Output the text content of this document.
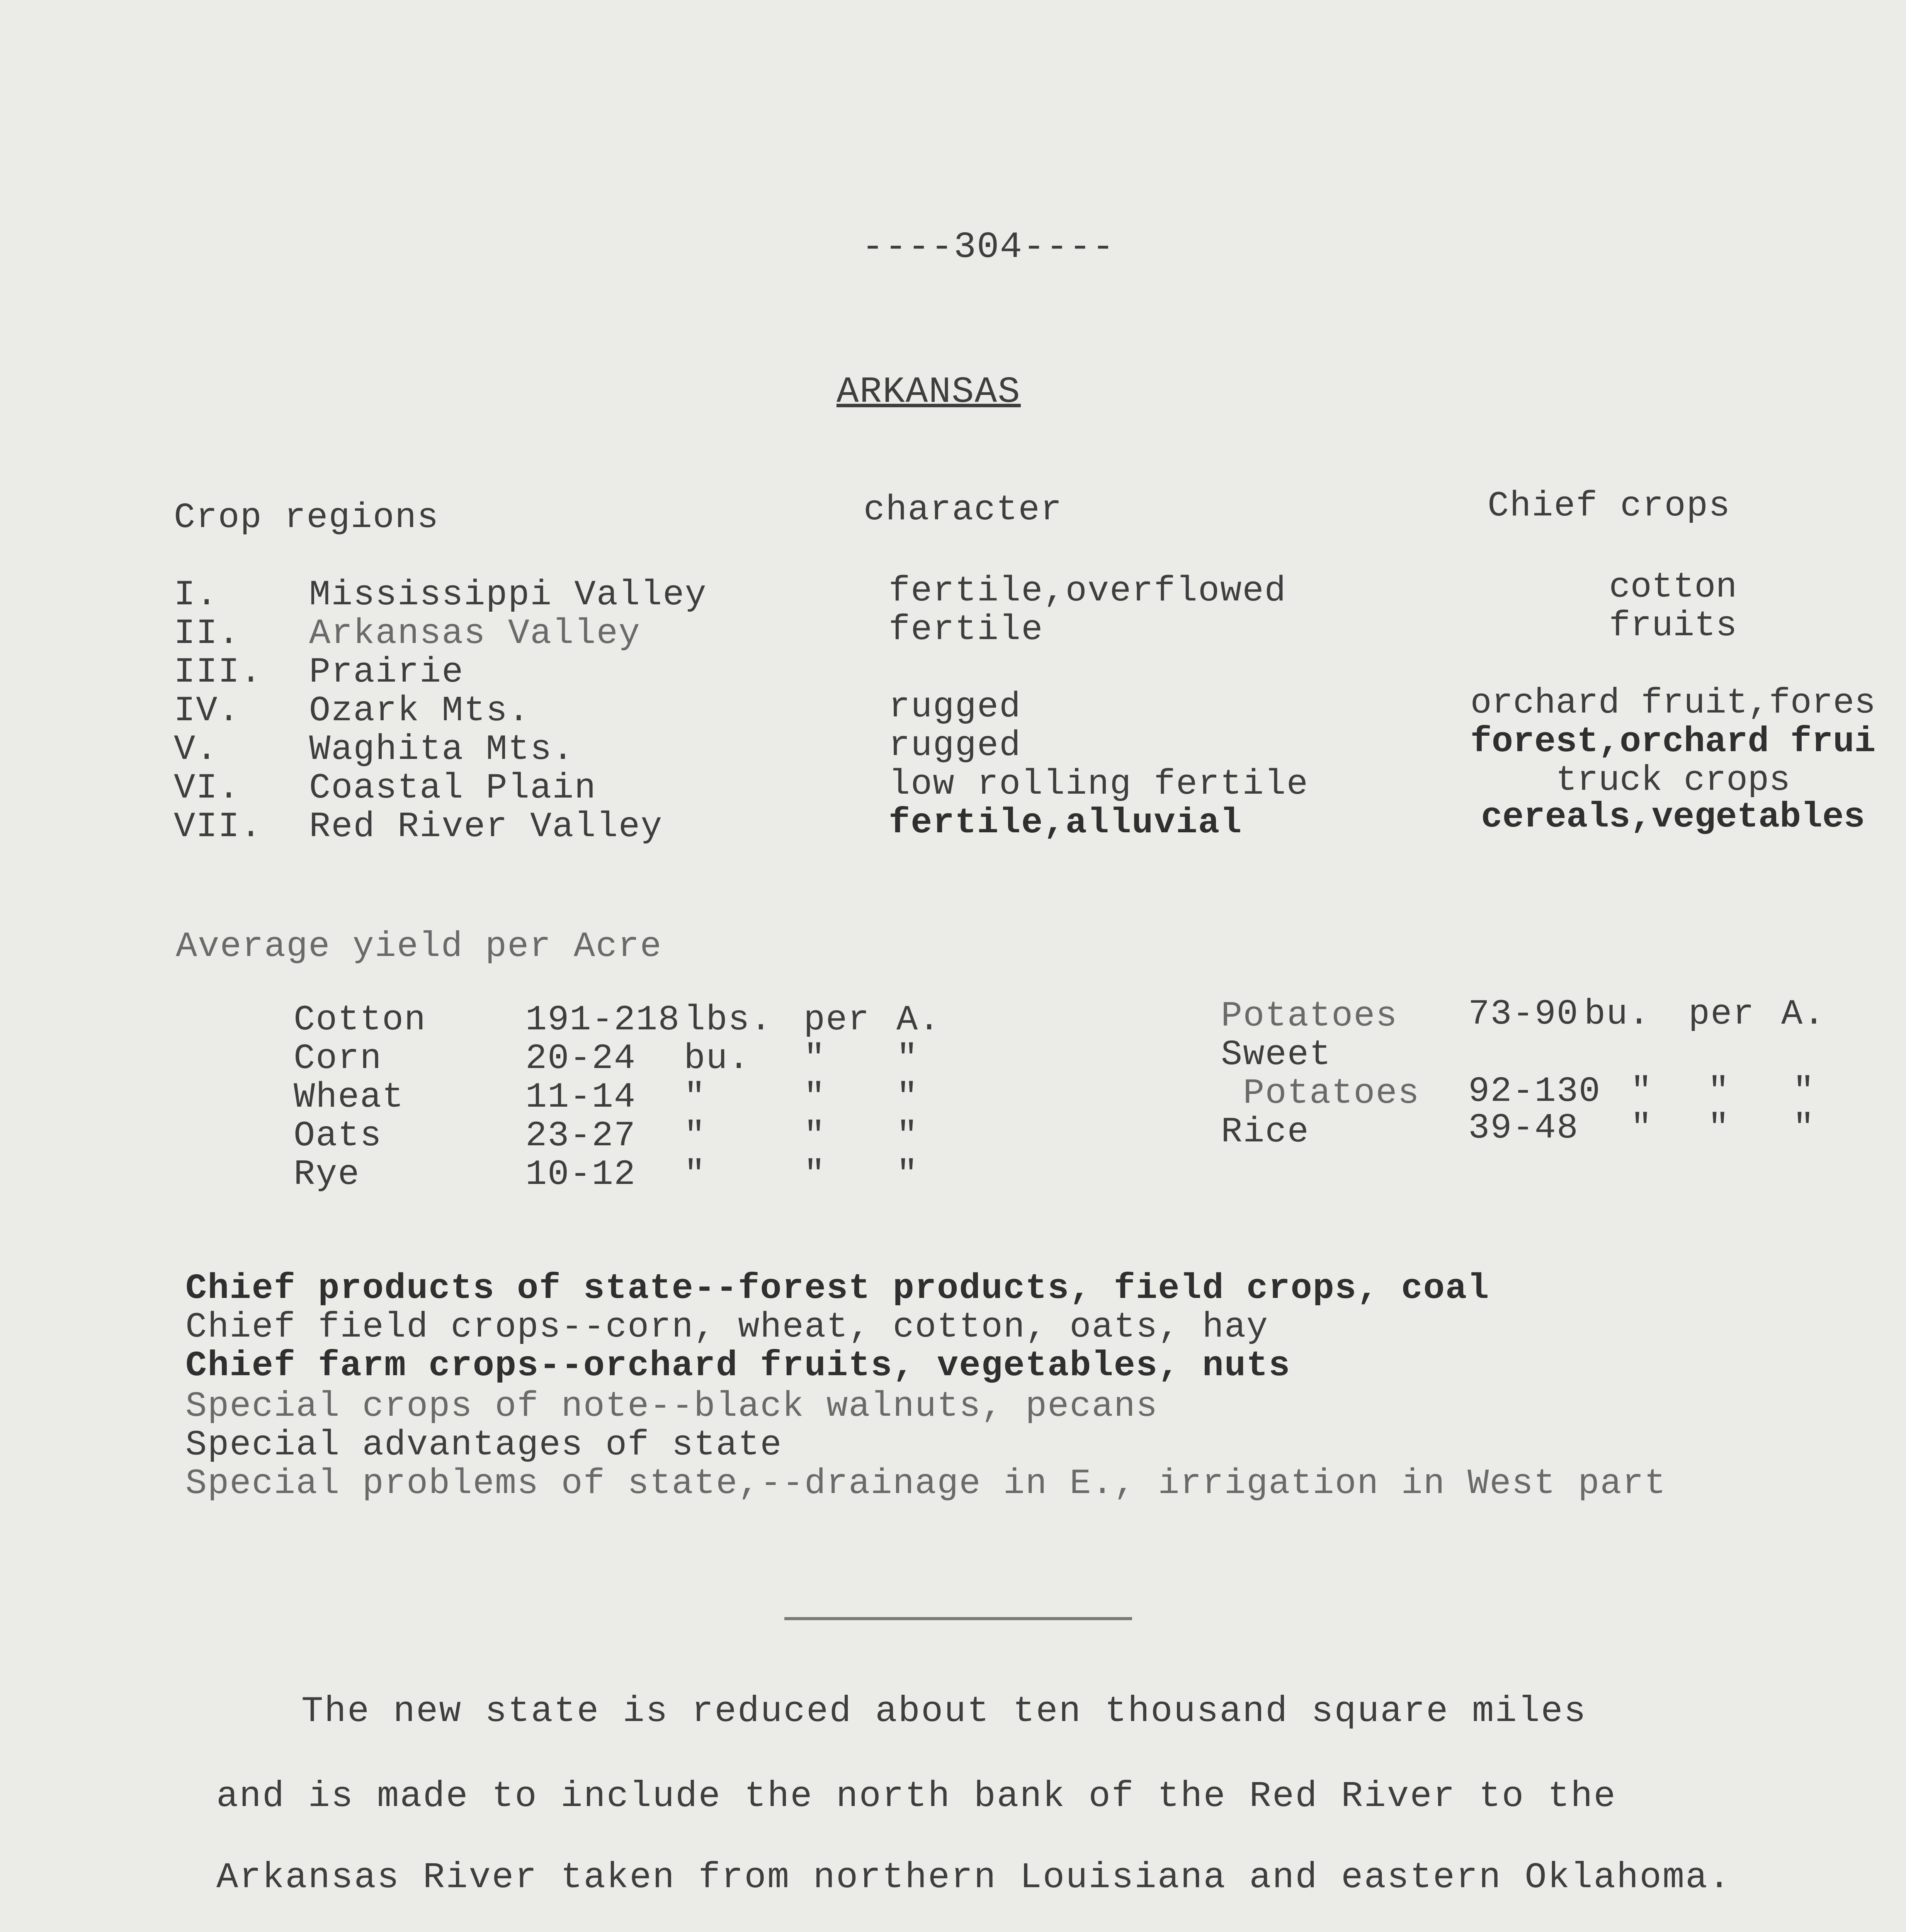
----304----
ARKANSAS
Crop regions	character	Chief crops
I.	Mississippi Valley	fertile,overflowed	cotton
II. Arkansas Valley	fertile	fruits
III. Prairie
IV. Ozark Mts.	rugged	orchard fruit,fores
V.	Waghita Mts.	rugged	forest,orchard frui
VI. Coastal Plain	low rolling fertile	truck crops
VII. Red River Valley	fertile,alluvial	cereals,vegetables
Average yield per Acre
Cotton	191-218 lbs. per A.
Corn	20-24 bu. " "
Wheat	11-14 "	" "
Oats	23-27 "	" "
Rye	10-12 "	" "
Potatoes 73-90 bu. per A.
Sweet
Potatoes 92-130 " " "
Rice	39-48 " " "
Chief products of state--forest products, field crops, coal
Chief field crops--corn, wheat, cotton, oats, hay
Chief farm crops--orchard fruits, vegetables, nuts
Special crops of note--black walnuts, pecans
Special advantages of state
Special problems of state,--drainage in E., irrigation in West part
The new state is reduced about ten thousand square miles
and is made to include the north bank of the Red River to the
Arkansas River taken from northern Louisiana and eastern Oklahoma.
